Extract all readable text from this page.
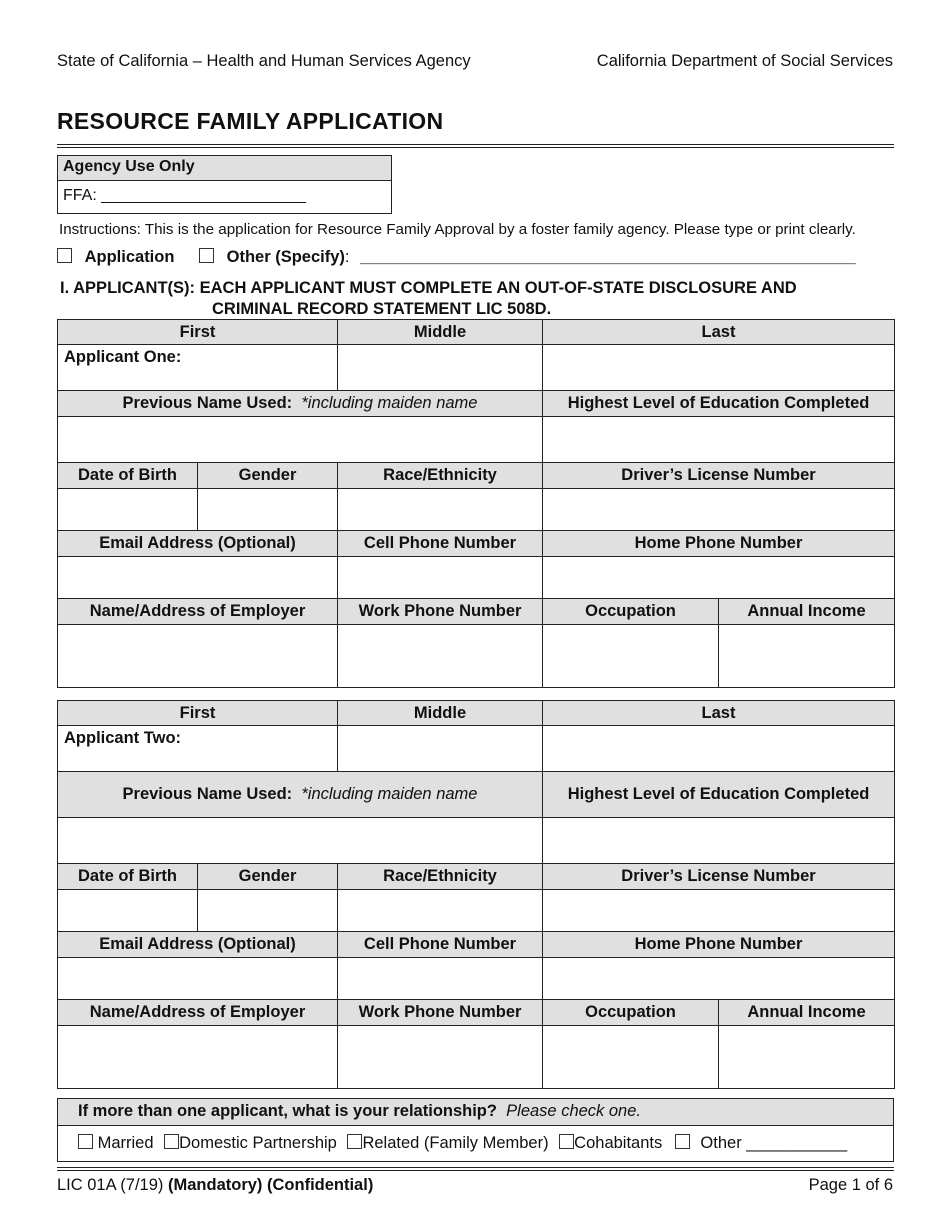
State of California – Health and Human Services Agency	California Department of Social Services
RESOURCE FAMILY APPLICATION
Agency Use Only
FFA: _______________________
Instructions: This is the application for Resource Family Approval by a foster family agency. Please type or print clearly.
Application	Other (Specify): ______________________________________________________
I. APPLICANT(S): EACH APPLICANT MUST COMPLETE AN OUT-OF-STATE DISCLOSURE AND
CRIMINAL RECORD STATEMENT LIC 508D.
First		Middle	Last	
Applicant One:				
Previous Name Used: *including maiden name			Highest Level of Education Completed	

Date of Birth	Gender	Race/Ethnicity	Driver’s License Number	

Email Address (Optional)		Cell Phone Number	Home Phone Number	

Name/Address of Employer		Work Phone Number	Occupation	Annual Income

First		Middle	Last	
Applicant Two:				
Previous Name Used: *including maiden name			Highest Level of Education Completed	

Date of Birth	Gender	Race/Ethnicity	Driver’s License Number	

Email Address (Optional)		Cell Phone Number	Home Phone Number	

Name/Address of Employer		Work Phone Number	Occupation	Annual Income

If more than one applicant, what is your relationship? Please check one.
Married Domestic Partnership Related (Family Member) Cohabitants Other ___________
LIC 01A (7/19) (Mandatory) (Confidential)	Page 1 of 6
